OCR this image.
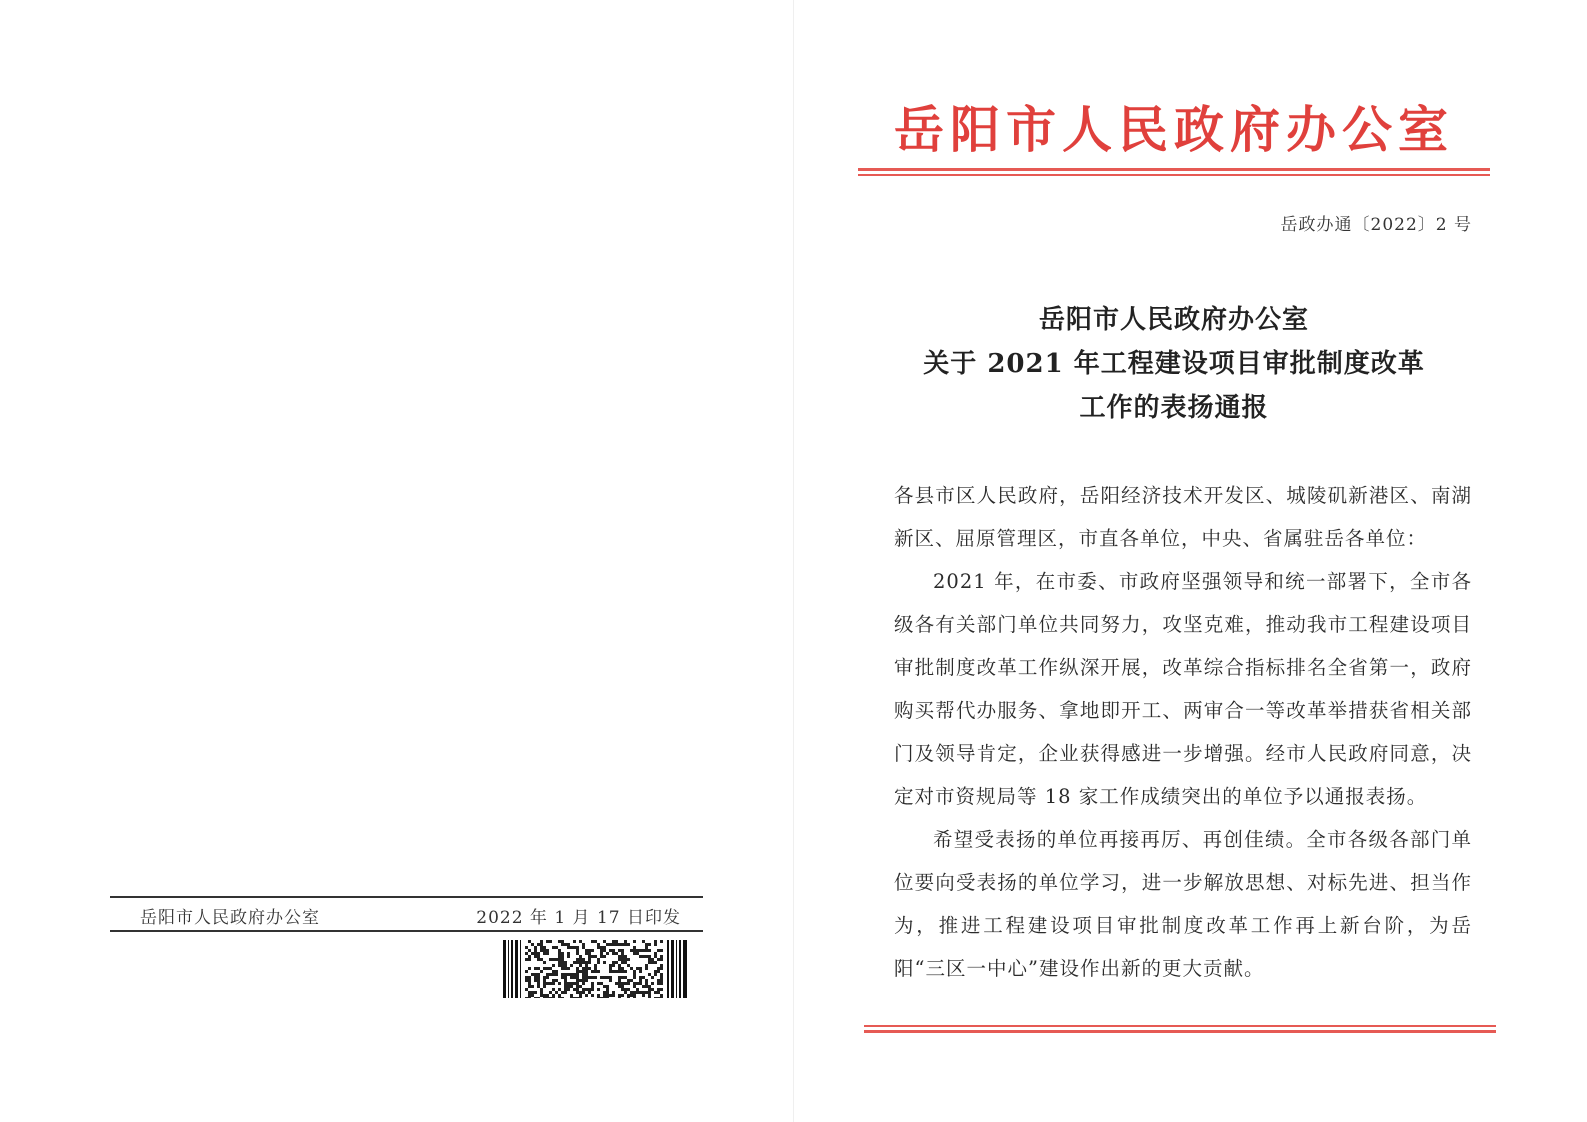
岳阳市人民政府办公室	2022 年 1 月 17 日印发
岳阳市人民政府办公室
岳政办通〔2022〕2 号
岳阳市人民政府办公室
关于 2021 年工程建设项目审批制度改革
工作的表扬通报

各县市区人民政府，岳阳经济技术开发区、城陵矶新港区、南湖新区、屈原管理区，市直各单位，中央、省属驻岳各单位：

2021 年，在市委、市政府坚强领导和统一部署下，全市各级各有关部门单位共同努力，攻坚克难，推动我市工程建设项目审批制度改革工作纵深开展，改革综合指标排名全省第一，政府购买帮代办服务、拿地即开工、两审合一等改革举措获省相关部门及领导肯定，企业获得感进一步增强。经市人民政府同意，决定对市资规局等 18 家工作成绩突出的单位予以通报表扬。

希望受表扬的单位再接再厉、再创佳绩。全市各级各部门单位要向受表扬的单位学习，进一步解放思想、对标先进、担当作为，推进工程建设项目审批制度改革工作再上新台阶，为岳阳“三区一中心”建设作出新的更大贡献。
